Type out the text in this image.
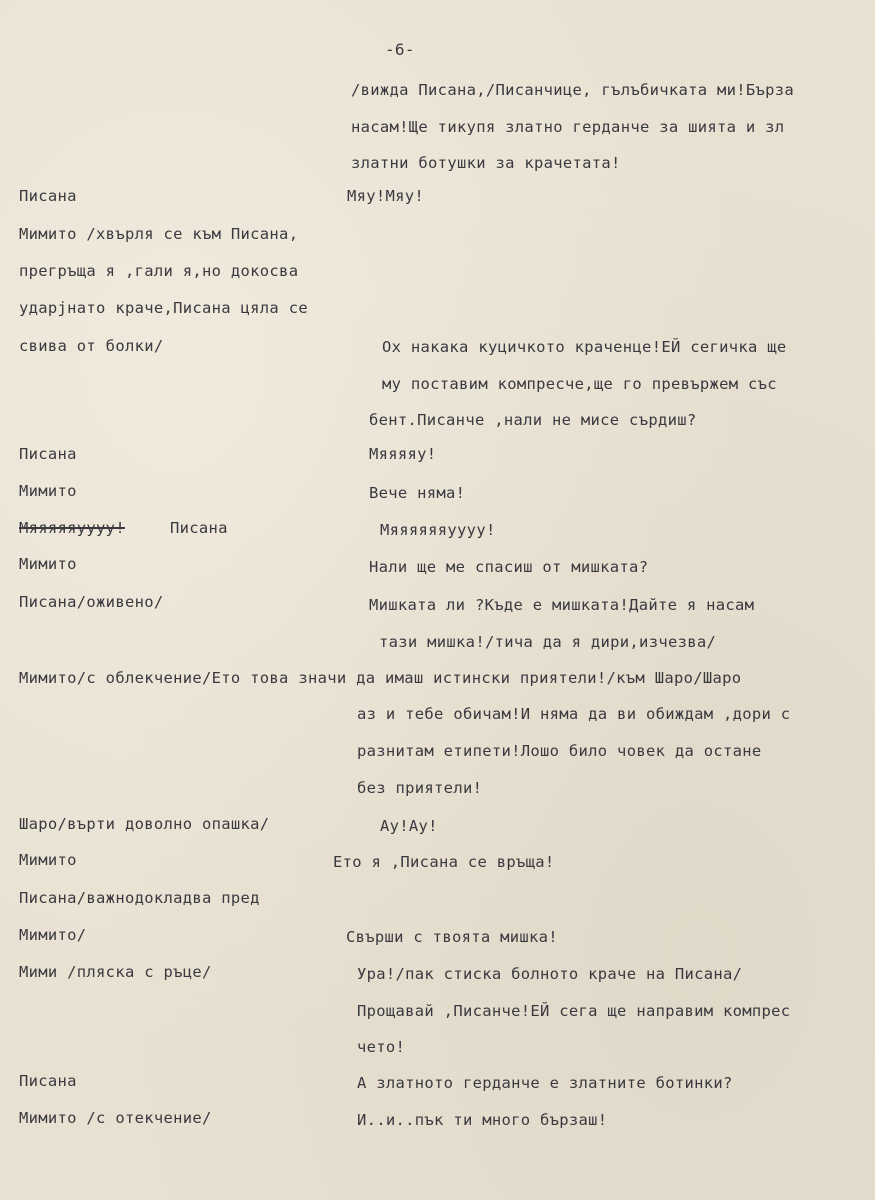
-6-
/вижда Писана,/Писанчице, гълъбичката ми!Бърза
насам!Ще тикупя златно герданче за шията и зл
златни ботушки за крачетата!
Писана	Мяу!Мяу!
Мимито /хвърля се към Писана,
прегръща я ,гали я,но докосва
ударјнато краче,Писана цяла се
свива от болки/	Ох накака куцичкото краченце!ЕЙ сегичка ще
му поставим компресче,ще го превържем със
бент.Писанче ,нали не мисе сърдиш?
Писана	Мяяяяу!
Мимито	Вече няма!
Мяяяяяуууу!	Писана	Мяяяяяяуууу!
Мимито	Нали ще ме спасиш от мишката?
Писана/оживено/	Мишката ли ?Къде е мишката!Дайте я насам
тази мишка!/тича да я дири,изчезва/
Мимито/с облекчение/Ето това значи да имаш истински приятели!/към Шаро/Шаро
аз и тебе обичам!И няма да ви обиждам ,дори с
разнитам етипети!Лошо било човек да остане
без приятели!
Шаро/върти доволно опашка/	Ау!Ау!
Мимито	Ето я ,Писана се връща!
Писана/важнодокладва пред
Мимито/	Свърши с твоята мишка!
Мими /пляска с ръце/	Ура!/пак стиска болното краче на Писана/
Прощавай ,Писанче!ЕЙ сега ще направим компрес
чето!
Писана	А златното герданче е златните ботинки?
Мимито /с отекчение/	И..и..пък ти много бързаш!
